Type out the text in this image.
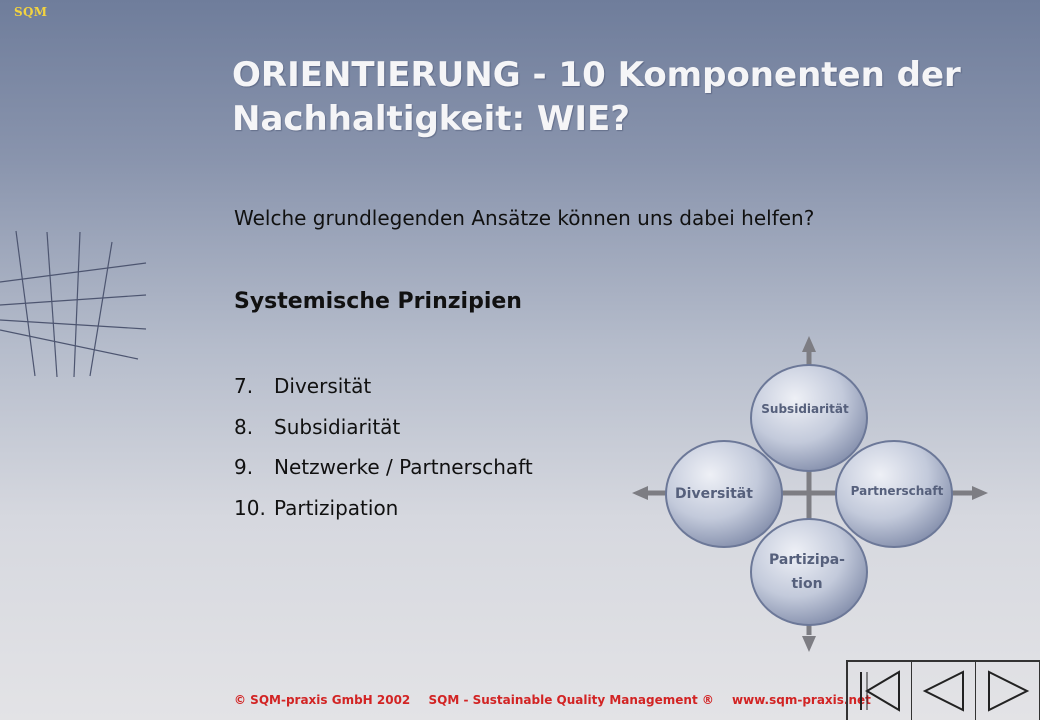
SQM
ORIENTIERUNG - 10 Komponenten der Nachhaltigkeit: WIE?
Welche grundlegenden Ansätze können uns dabei helfen?
Systemische Prinzipien
7. Diversität
8. Subsidiarität
9. Netzwerke / Partnerschaft
10. Partizipation
Subsidiarität
Diversität	Partnerschaft
Partizipa-
tion
© SQM-praxis GmbH 2002 SQM - Sustainable Quality Management ® www.sqm-praxis.net
